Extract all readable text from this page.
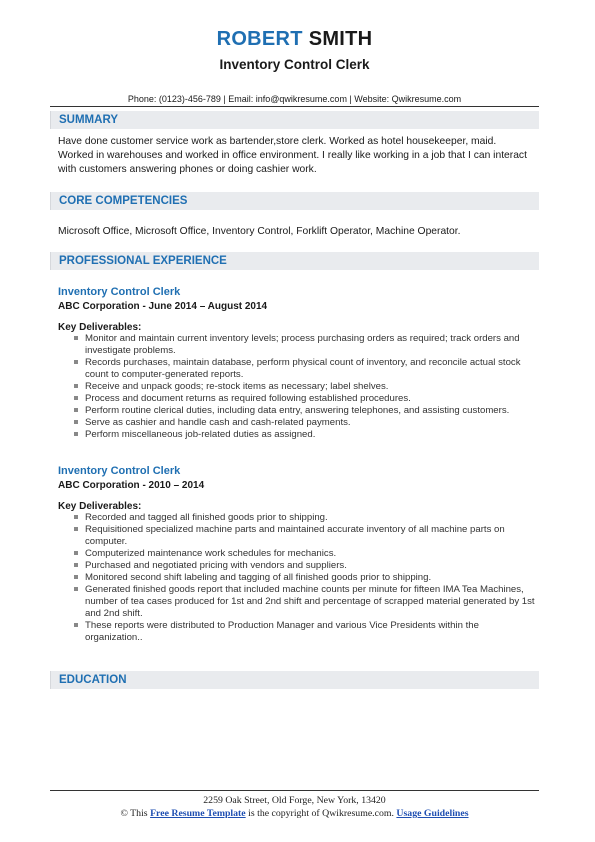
ROBERT SMITH
Inventory Control Clerk
Phone: (0123)-456-789 | Email: info@qwikresume.com | Website: Qwikresume.com
SUMMARY
Have done customer service work as bartender,store clerk. Worked as hotel housekeeper, maid. Worked in warehouses and worked in office environment. I really like working in a job that I can interact with customers answering phones or doing cashier work.
CORE COMPETENCIES
Microsoft Office, Microsoft Office, Inventory Control, Forklift Operator, Machine Operator.
PROFESSIONAL EXPERIENCE
Inventory Control Clerk
ABC Corporation - June 2014 – August 2014
Key Deliverables:
Monitor and maintain current inventory levels; process purchasing orders as required; track orders and investigate problems.
Records purchases, maintain database, perform physical count of inventory, and reconcile actual stock count to computer-generated reports.
Receive and unpack goods; re-stock items as necessary; label shelves.
Process and document returns as required following established procedures.
Perform routine clerical duties, including data entry, answering telephones, and assisting customers.
Serve as cashier and handle cash and cash-related payments.
Perform miscellaneous job-related duties as assigned.
Inventory Control Clerk
ABC Corporation - 2010 – 2014
Key Deliverables:
Recorded and tagged all finished goods prior to shipping.
Requisitioned specialized machine parts and maintained accurate inventory of all machine parts on computer.
Computerized maintenance work schedules for mechanics.
Purchased and negotiated pricing with vendors and suppliers.
Monitored second shift labeling and tagging of all finished goods prior to shipping.
Generated finished goods report that included machine counts per minute for fifteen IMA Tea Machines, number of tea cases produced for 1st and 2nd shift and percentage of scrapped material generated by 1st and 2nd shift.
These reports were distributed to Production Manager and various Vice Presidents within the organization..
EDUCATION
2259 Oak Street, Old Forge, New York, 13420
© This Free Resume Template is the copyright of Qwikresume.com. Usage Guidelines
